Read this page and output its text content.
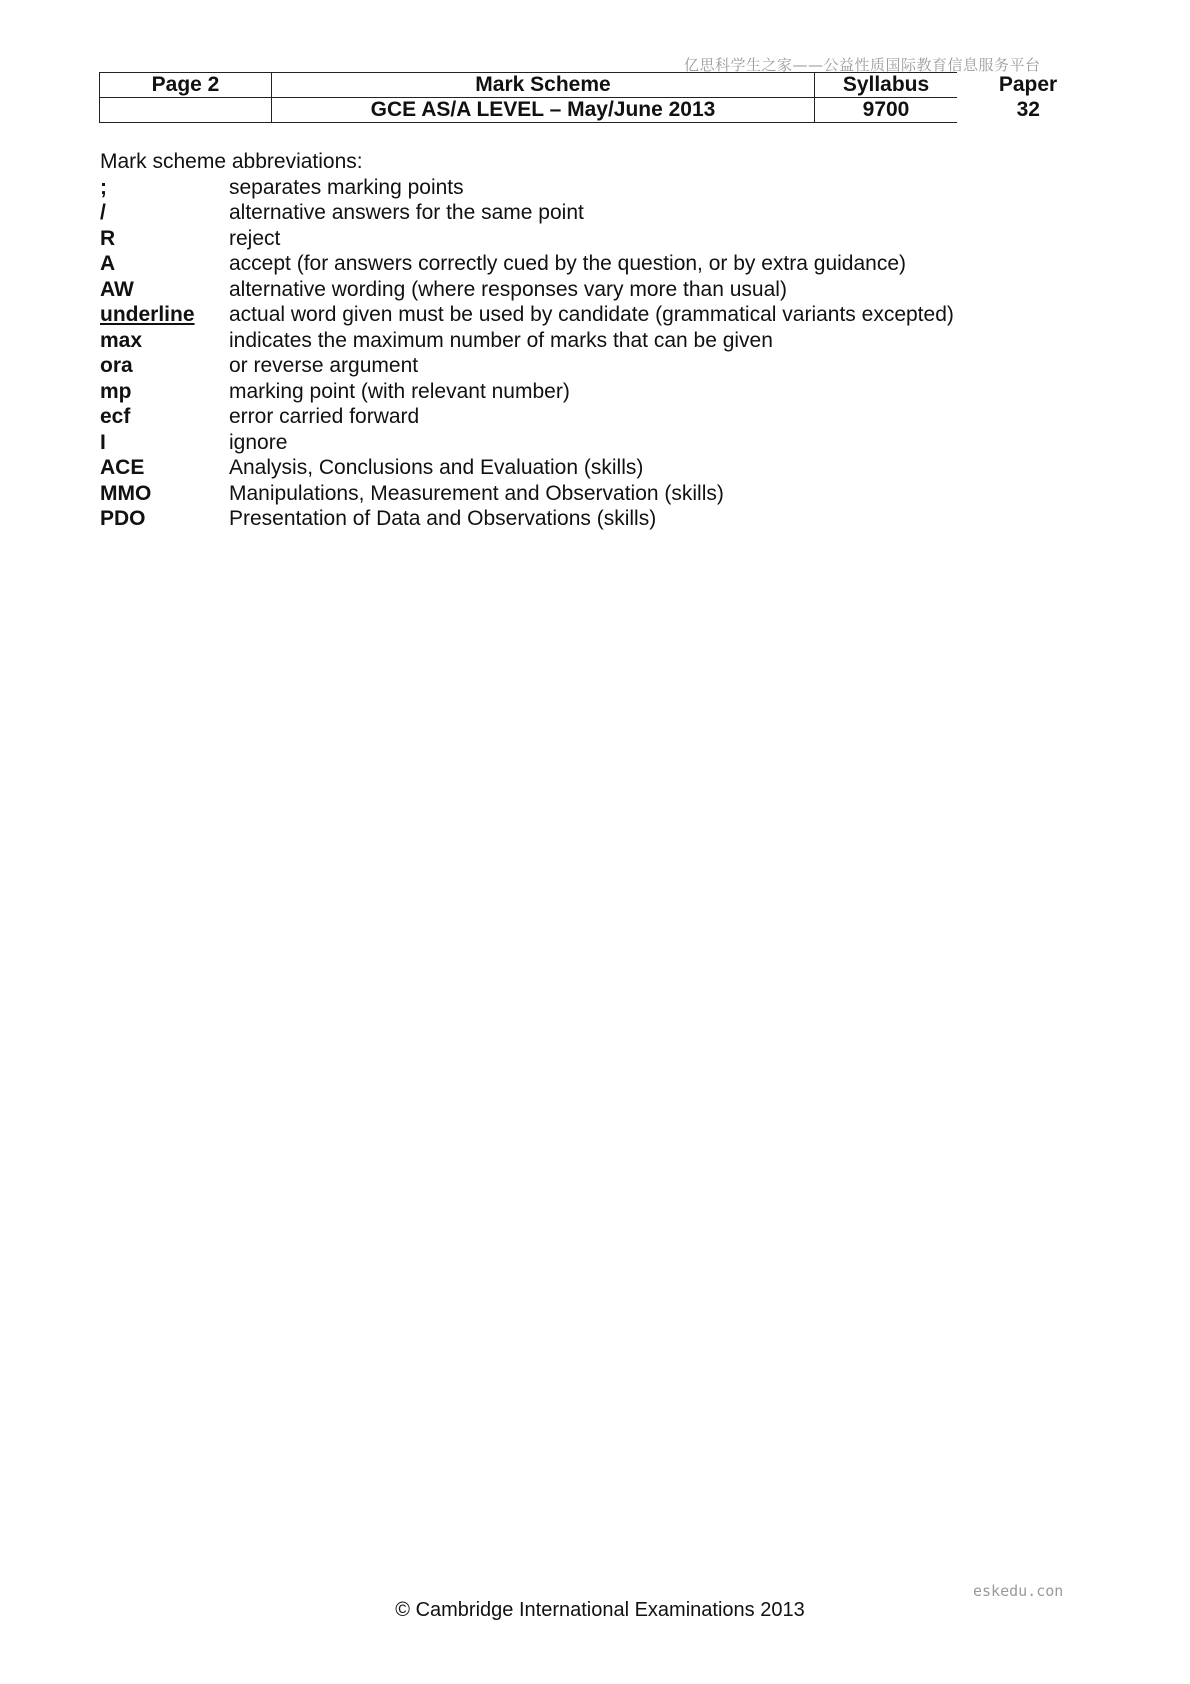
亿思科学生之家——公益性质国际教育信息服务平台
Page 2	Mark Scheme	Syllabus	Paper
	GCE AS/A LEVEL – May/June 2013	9700	32

Mark scheme abbreviations:

;	separates marking points
/	alternative answers for the same point
R	reject
A	accept (for answers correctly cued by the question, or by extra guidance)
AW	alternative wording (where responses vary more than usual)
underline	actual word given must be used by candidate (grammatical variants excepted)
max	indicates the maximum number of marks that can be given
ora	or reverse argument
mp	marking point (with relevant number)
ecf	error carried forward
I	ignore
ACE	Analysis, Conclusions and Evaluation (skills)
MMO	Manipulations, Measurement and Observation (skills)
PDO	Presentation of Data and Observations (skills)
eskedu.con
© Cambridge International Examinations 2013
